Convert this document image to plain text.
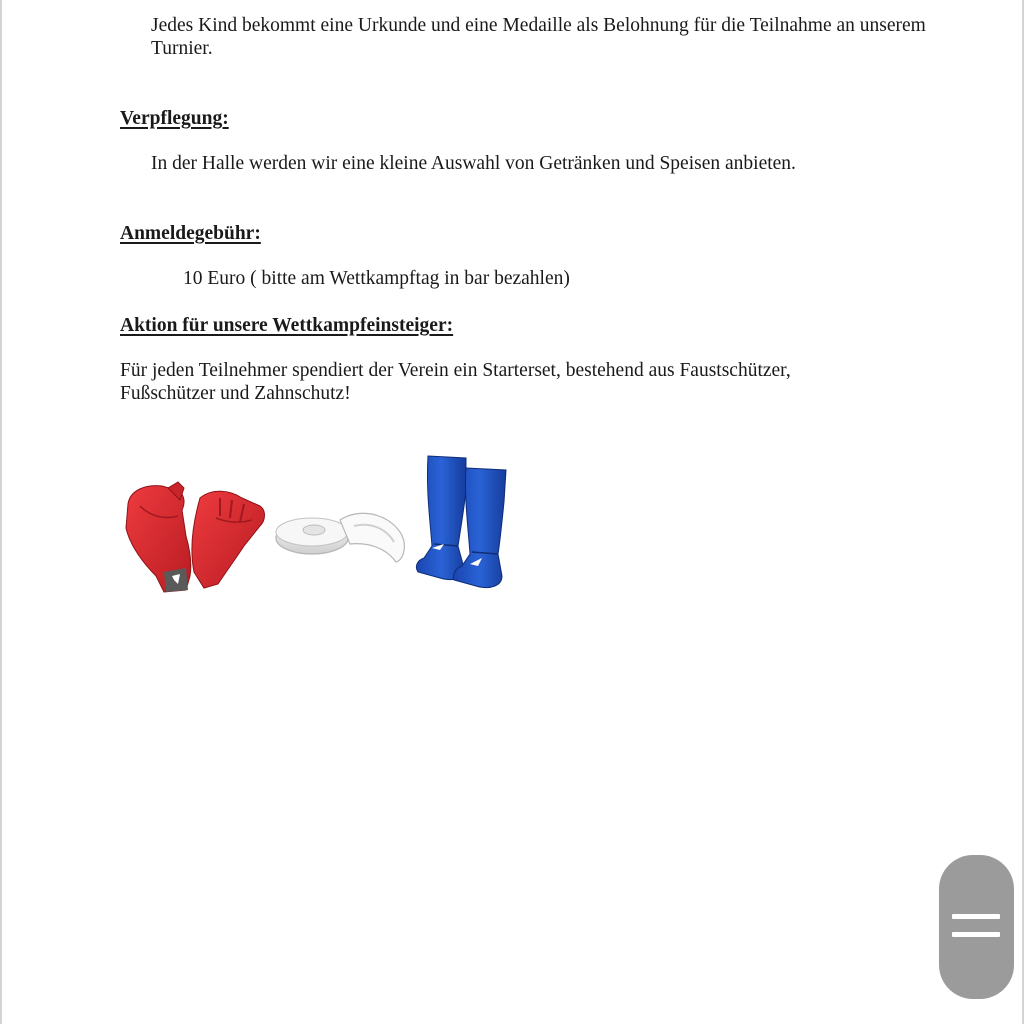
Jedes Kind bekommt eine Urkunde und eine Medaille als Belohnung für die Teilnahme an unserem Turnier.

Verpflegung:

In der Halle werden wir eine kleine Auswahl von Getränken und Speisen anbieten.

Anmeldegebühr:

10 Euro ( bitte am Wettkampftag in bar bezahlen)

Aktion für unsere Wettkampfeinsteiger:

Für jeden Teilnehmer spendiert der Verein ein Starterset, bestehend aus Faustschützer, Fußschützer und Zahnschutz!
